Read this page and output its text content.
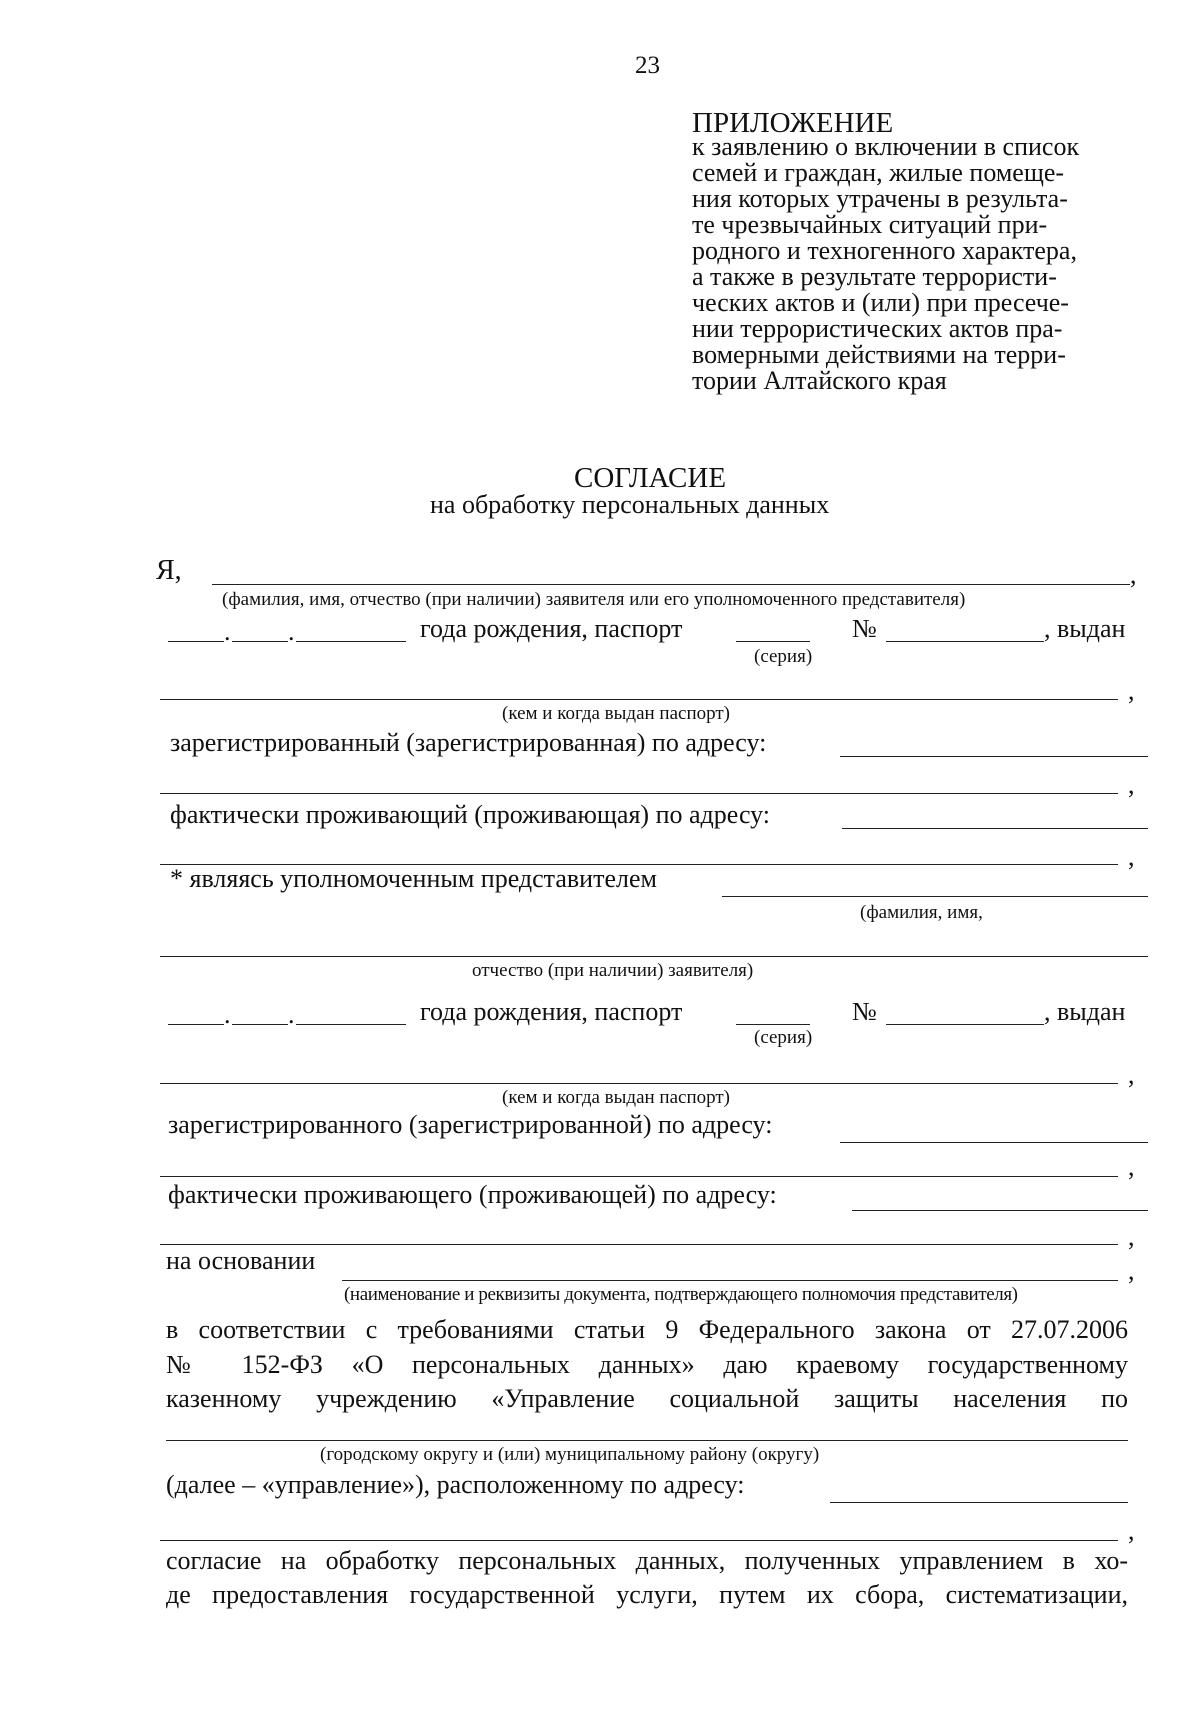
23
ПРИЛОЖЕНИЕ
к заявлению о включении в список
семей и граждан, жилые помеще-
ния которых утрачены в результа-
те чрезвычайных ситуаций при-
родного и техногенного характера,
а также в результате террористи-
ческих актов и (или) при пресече-
нии террористических актов пра-
вомерными действиями на терри-
тории Алтайского края
СОГЛАСИЕ
на обработку персональных данных
Я,	,
(фамилия, имя, отчество (при наличии) заявителя или его уполномоченного представителя)
. .	года рождения, паспорт	№	, выдан
(серия)
,
(кем и когда выдан паспорт)
зарегистрированный (зарегистрированная) по адресу:
,
фактически проживающий (проживающая) по адресу:
,
* являясь уполномоченным представителем
(фамилия, имя,
отчество (при наличии) заявителя)
. .	года рождения, паспорт	№	, выдан
(серия)
,
(кем и когда выдан паспорт)
зарегистрированного (зарегистрированной) по адресу:
,
фактически проживающего (проживающей) по адресу:
,
на основании	,
(наименование и реквизиты документа, подтверждающего полномочия представителя)
в соответствии с требованиями статьи 9 Федерального закона от 27.07.2006
№ 152-ФЗ «О персональных данных» даю краевому государственному
казенному учреждению «Управление социальной защиты населения по
(городскому округу и (или) муниципальному району (округу)
(далее – «управление»), расположенному по адресу:
,
согласие на обработку персональных данных, полученных управлением в хо-
де предоставления государственной услуги, путем их сбора, систематизации,
